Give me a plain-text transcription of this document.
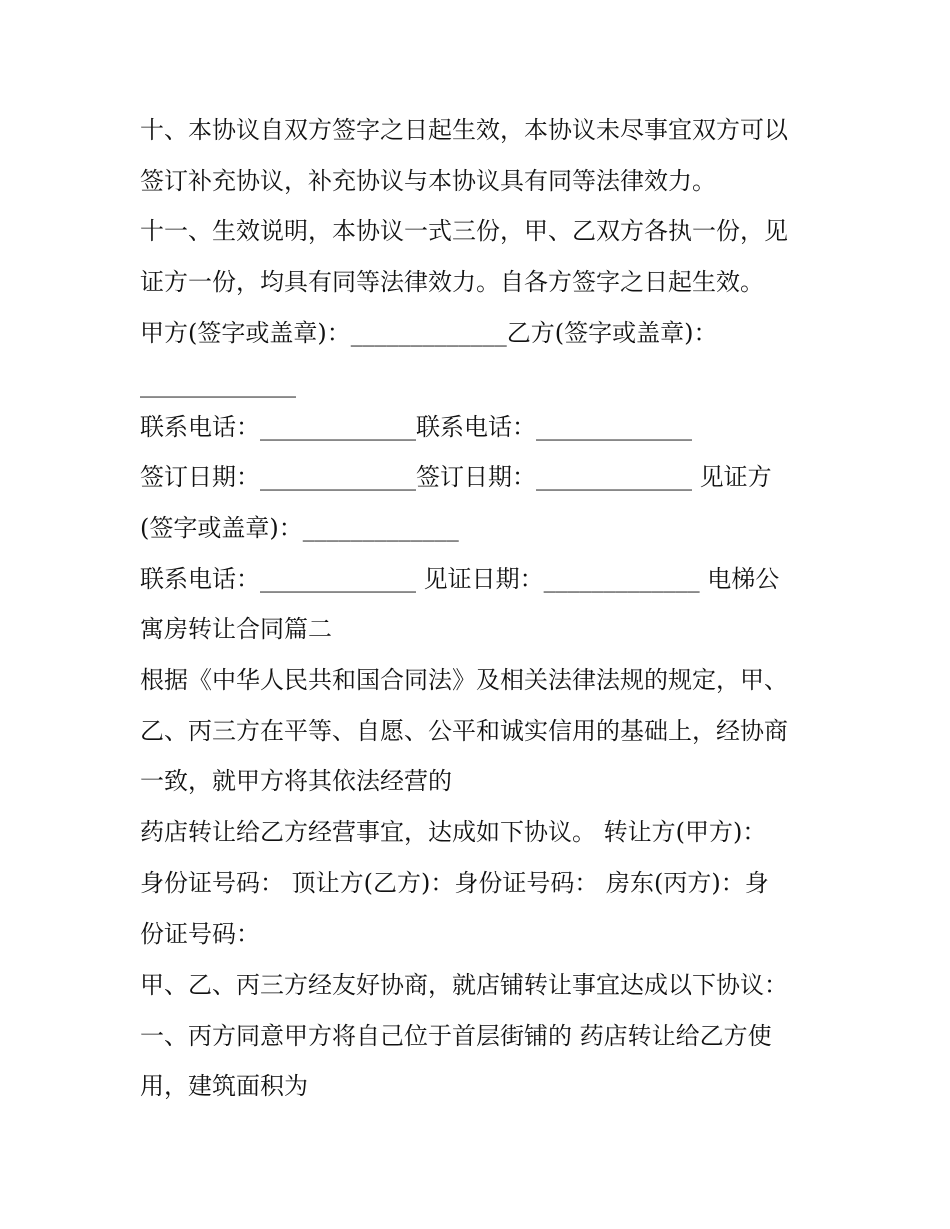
十、本协议自双方签字之日起生效，本协议未尽事宜双方可以

签订补充协议，补充协议与本协议具有同等法律效力。

十一、生效说明，本协议一式三份，甲、乙双方各执一份，见

证方一份，均具有同等法律效力。自各方签字之日起生效。

甲方(签字或盖章)：_____________乙方(签字或盖章)：

_____________

联系电话：_____________联系电话：_____________

签订日期：_____________签订日期：_____________ 见证方

(签字或盖章)：_____________

联系电话：_____________ 见证日期：_____________ 电梯公

寓房转让合同篇二

根据《中华人民共和国合同法》及相关法律法规的规定，甲、

乙、丙三方在平等、自愿、公平和诚实信用的基础上，经协商

一致，就甲方将其依法经营的

药店转让给乙方经营事宜，达成如下协议。 转让方(甲方)：

身份证号码： 顶让方(乙方)：身份证号码： 房东(丙方)：身

份证号码：

甲、乙、丙三方经友好协商，就店铺转让事宜达成以下协议：

一、丙方同意甲方将自己位于首层街铺的 药店转让给乙方使

用，建筑面积为
